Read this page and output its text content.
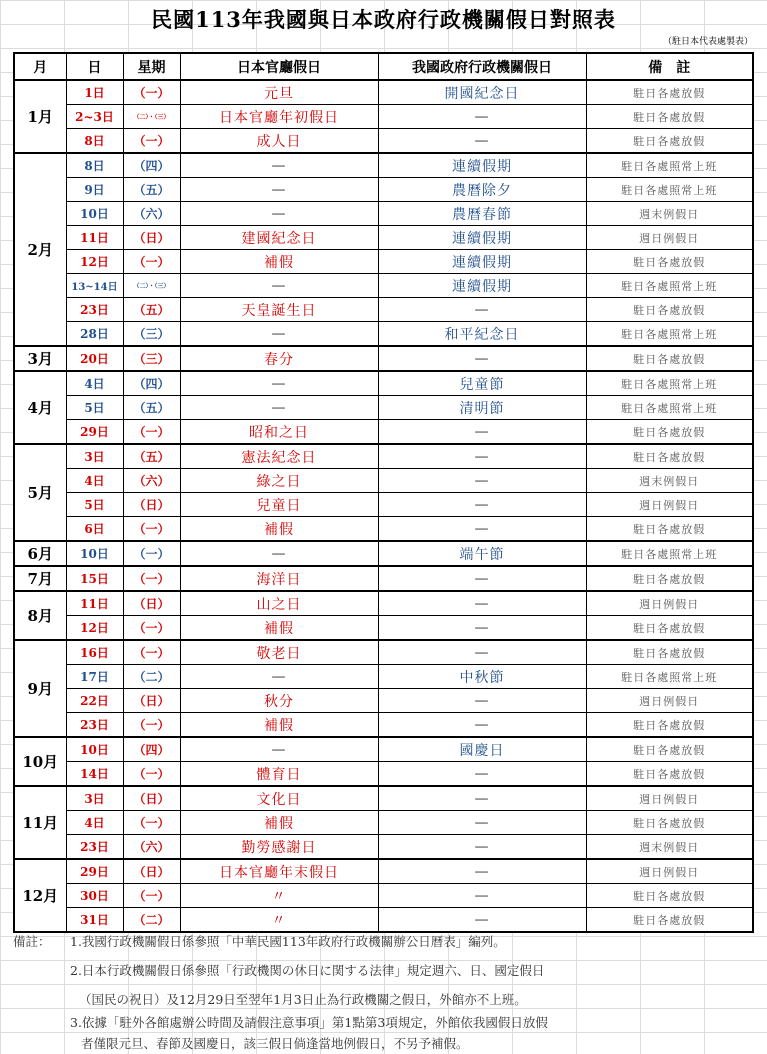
民國113年我國與日本政府行政機關假日對照表
（駐日本代表處製表）
月	日	星期	日本官廳假日	我國政府行政機關假日	備　註
1月	1日	（一）	元旦	開國紀念日	駐日各處放假
	2~3日	（二）・（三）	日本官廳年初假日	—	駐日各處放假
	8日	（一）	成人日	—	駐日各處放假
2月	8日	（四）	—	連續假期	駐日各處照常上班
	9日	（五）	—	農曆除夕	駐日各處照常上班
	10日	（六）	—	農曆春節	週末例假日
	11日	（日）	建國紀念日	連續假期	週日例假日
	12日	（一）	補假	連續假期	駐日各處放假
	13~14日	（二）・（三）	—	連續假期	駐日各處照常上班
	23日	（五）	天皇誕生日	—	駐日各處放假
	28日	（三）	—	和平紀念日	駐日各處照常上班
3月	20日	（三）	春分	—	駐日各處放假
4月	4日	（四）	—	兒童節	駐日各處照常上班
	5日	（五）	—	清明節	駐日各處照常上班
	29日	（一）	昭和之日	—	駐日各處放假
5月	3日	（五）	憲法紀念日	—	駐日各處放假
	4日	（六）	綠之日	—	週末例假日
	5日	（日）	兒童日	—	週日例假日
	6日	（一）	補假	—	駐日各處放假
6月	10日	（一）	—	端午節	駐日各處照常上班
7月	15日	（一）	海洋日	—	駐日各處放假
8月	11日	（日）	山之日	—	週日例假日
	12日	（一）	補假	—	駐日各處放假
9月	16日	（一）	敬老日	—	駐日各處放假
	17日	（二）	—	中秋節	駐日各處照常上班
	22日	（日）	秋分	—	週日例假日
	23日	（一）	補假	—	駐日各處放假
10月	10日	（四）	—	國慶日	駐日各處放假
	14日	（一）	體育日	—	駐日各處放假
11月	3日	（日）	文化日	—	週日例假日
	4日	（一）	補假	—	駐日各處放假
	23日	（六）	勤勞感謝日	—	週末例假日
12月	29日	（日）	日本官廳年末假日	—	週日例假日
	30日	（一）	〃	—	駐日各處放假
	31日	（二）	〃	—	駐日各處放假
備註： 1.我國行政機關假日係參照「中華民國113年政府行政機關辦公日曆表」編列。
2.日本行政機關假日係參照「行政機関の休日に関する法律」規定週六、日、國定假日
（国民の祝日）及12月29日至翌年1月3日止為行政機關之假日，外館亦不上班。
3.依據「駐外各館處辦公時間及請假注意事項」第1點第3項規定，外館依我國假日放假
者僅限元旦、春節及國慶日，該三假日倘逢當地例假日，不另予補假。
